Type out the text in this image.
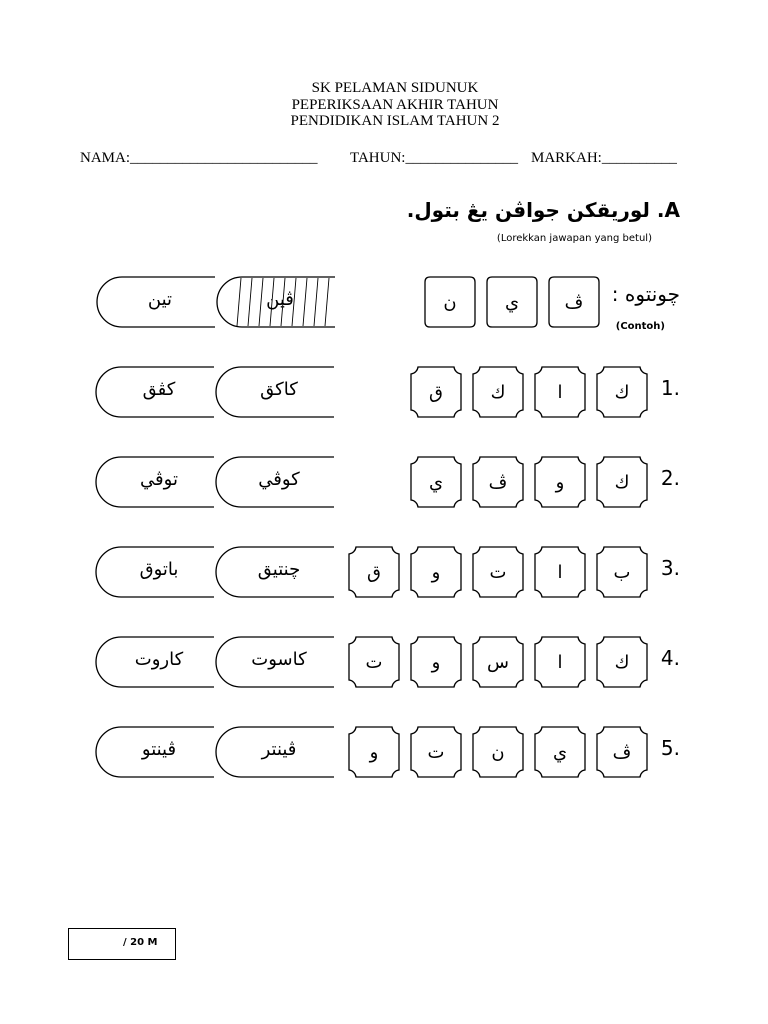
SK PELAMAN SIDUNUK
PEPERIKSAAN AKHIR TAHUN
PENDIDIKAN ISLAM TAHUN 2
NAMA:_________________________ TAHUN:_______________ MARKAH:__________
A. لوريقكن جواڤن يڠ بتول.
(Lorekkan jawapan yang betul)
چونتوه :
(Contoh)
ڤ
ي
ن
ڤين
تين
1.
ك
ا
ك
ق
كاكق
كڤق
2.
ك
و
ڤ
ي
كوڤي
توڤي
3.
ب
ا
ت
و
ق
چنتيق
باتوق
4.
ك
ا
س
و
ت
كاسوت
كاروت
5.
ڤ
ي
ن
ت
و
ڤينتر
ڤينتو
/ 20 M
